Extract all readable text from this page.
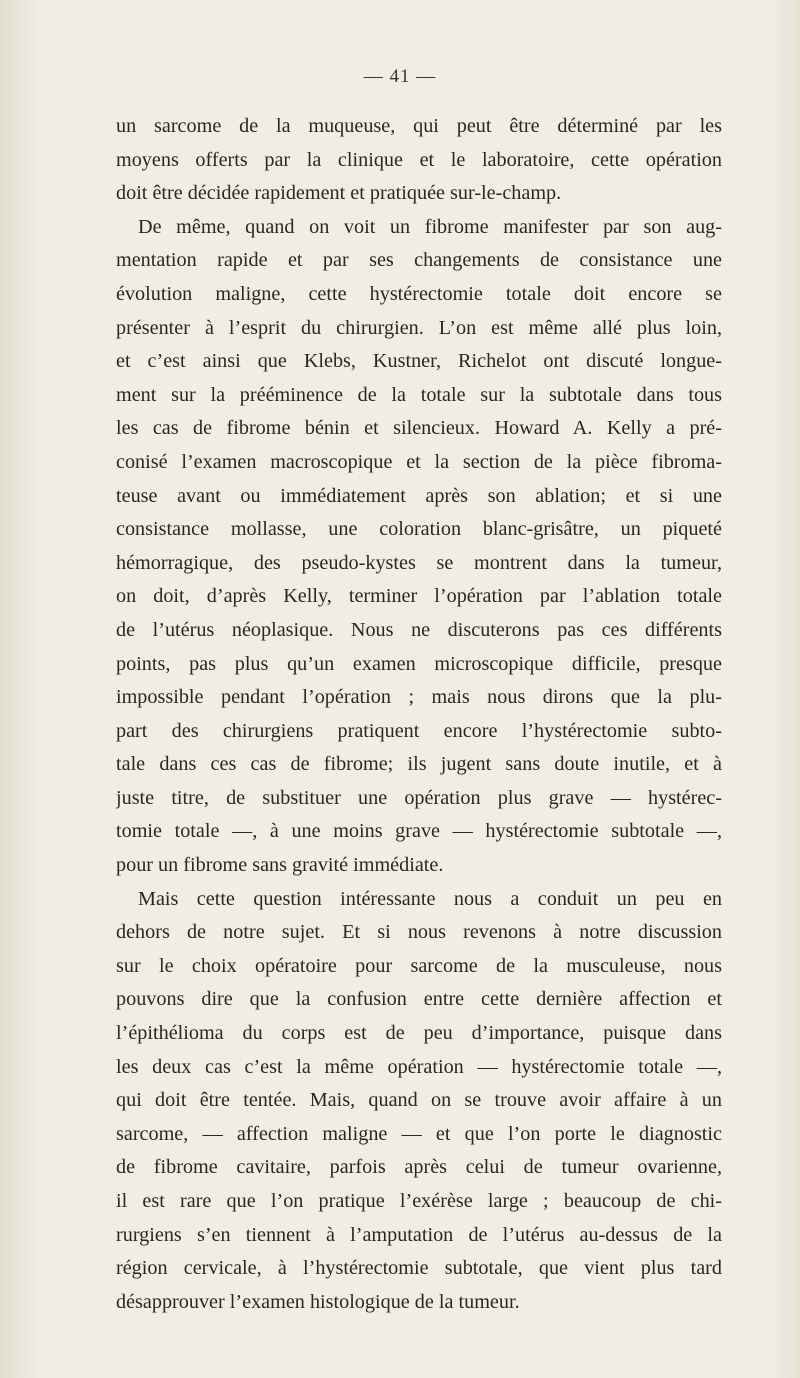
— 41 —
un sarcome de la muqueuse, qui peut être déterminé par les
moyens offerts par la clinique et le laboratoire, cette opération
doit être décidée rapidement et pratiquée sur-le-champ.
De même, quand on voit un fibrome manifester par son aug-
mentation rapide et par ses changements de consistance une
évolution maligne, cette hystérectomie totale doit encore se
présenter à l’esprit du chirurgien. L’on est même allé plus loin,
et c’est ainsi que Klebs, Kustner, Richelot ont discuté longue-
ment sur la prééminence de la totale sur la subtotale dans tous
les cas de fibrome bénin et silencieux. Howard A. Kelly a pré-
conisé l’examen macroscopique et la section de la pièce fibroma-
teuse avant ou immédiatement après son ablation; et si une
consistance mollasse, une coloration blanc-grisâtre, un piqueté
hémorragique, des pseudo-kystes se montrent dans la tumeur,
on doit, d’après Kelly, terminer l’opération par l’ablation totale
de l’utérus néoplasique. Nous ne discuterons pas ces différents
points, pas plus qu’un examen microscopique difficile, presque
impossible pendant l’opération ; mais nous dirons que la plu-
part des chirurgiens pratiquent encore l’hystérectomie subto-
tale dans ces cas de fibrome; ils jugent sans doute inutile, et à
juste titre, de substituer une opération plus grave — hystérec-
tomie totale —, à une moins grave — hystérectomie subtotale —,
pour un fibrome sans gravité immédiate.
Mais cette question intéressante nous a conduit un peu en
dehors de notre sujet. Et si nous revenons à notre discussion
sur le choix opératoire pour sarcome de la musculeuse, nous
pouvons dire que la confusion entre cette dernière affection et
l’épithélioma du corps est de peu d’importance, puisque dans
les deux cas c’est la même opération — hystérectomie totale —,
qui doit être tentée. Mais, quand on se trouve avoir affaire à un
sarcome, — affection maligne — et que l’on porte le diagnostic
de fibrome cavitaire, parfois après celui de tumeur ovarienne,
il est rare que l’on pratique l’exérèse large ; beaucoup de chi-
rurgiens s’en tiennent à l’amputation de l’utérus au-dessus de la
région cervicale, à l’hystérectomie subtotale, que vient plus tard
désapprouver l’examen histologique de la tumeur.
